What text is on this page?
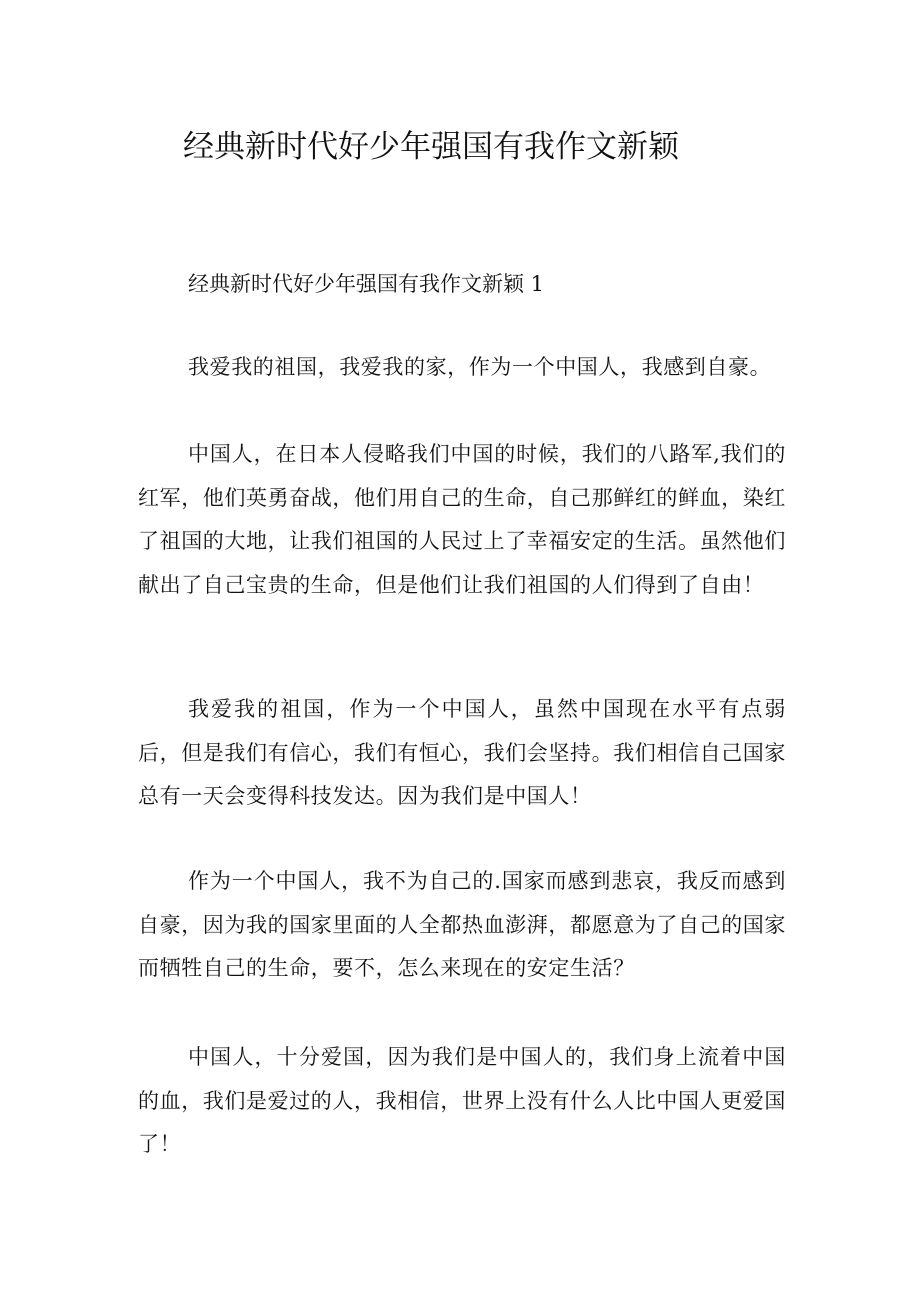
经典新时代好少年强国有我作文新颖

经典新时代好少年强国有我作文新颖 1

我爱我的祖国，我爱我的家，作为一个中国人，我感到自豪。

中国人，在日本人侵略我们中国的时候，我们的八路军,我们的红军，他们英勇奋战，他们用自己的生命，自己那鲜红的鲜血，染红了祖国的大地，让我们祖国的人民过上了幸福安定的生活。虽然他们献出了自己宝贵的生命，但是他们让我们祖国的人们得到了自由！

我爱我的祖国，作为一个中国人，虽然中国现在水平有点弱后，但是我们有信心，我们有恒心，我们会坚持。我们相信自己国家总有一天会变得科技发达。因为我们是中国人！

作为一个中国人，我不为自己的.国家而感到悲哀，我反而感到自豪，因为我的国家里面的人全都热血澎湃，都愿意为了自己的国家而牺牲自己的生命，要不，怎么来现在的安定生活？

中国人，十分爱国，因为我们是中国人的，我们身上流着中国的血，我们是爱过的人，我相信，世界上没有什么人比中国人更爱国了！
